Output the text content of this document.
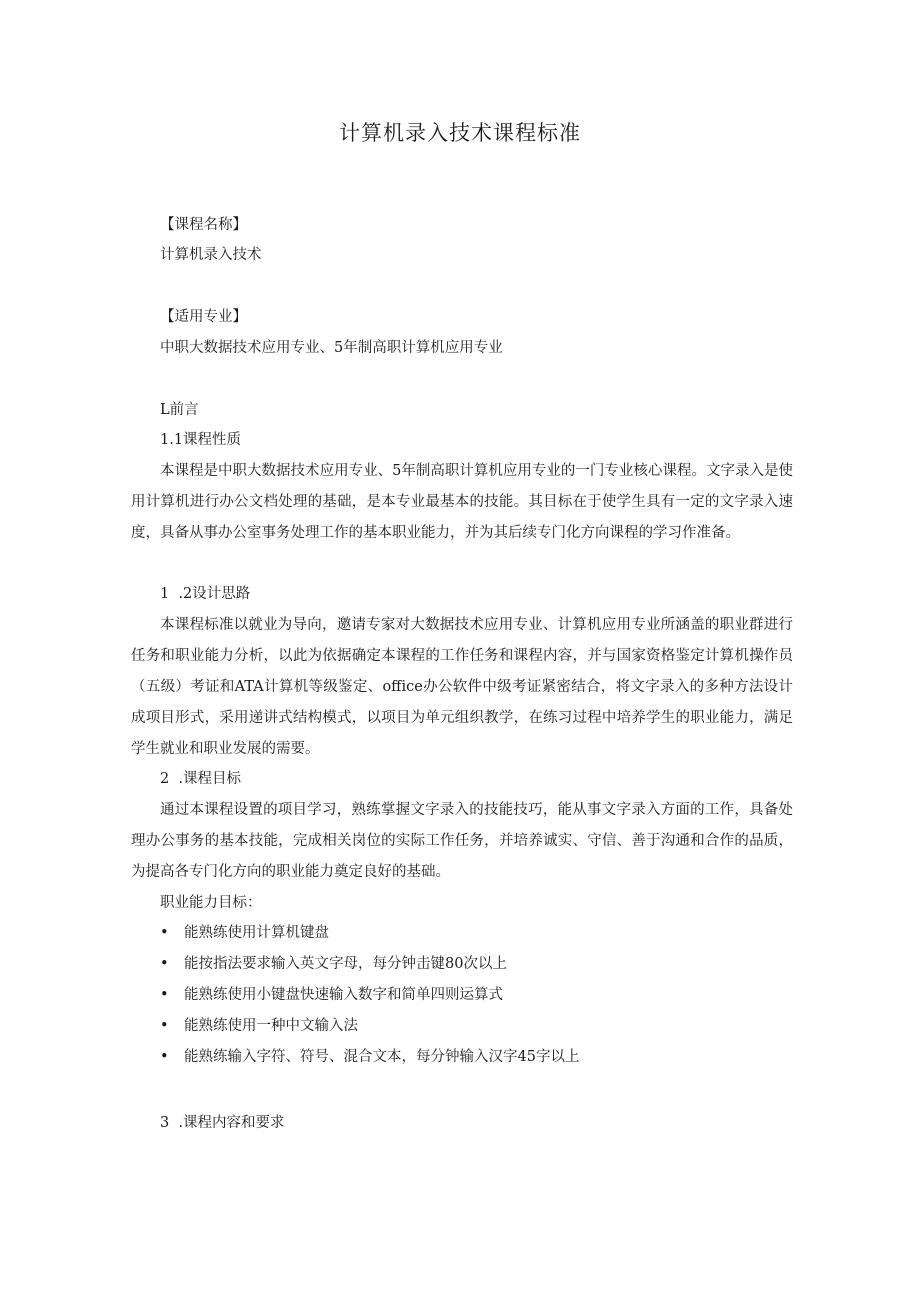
计算机录入技术课程标准
【课程名称】
计算机录入技术
【适用专业】
中职大数据技术应用专业、5年制高职计算机应用专业
L前言
1.1课程性质
本课程是中职大数据技术应用专业、5年制高职计算机应用专业的一门专业核心课程。文字录入是使用计算机进行办公文档处理的基础，是本专业最基本的技能。其目标在于使学生具有一定的文字录入速度，具备从事办公室事务处理工作的基本职业能力，并为其后续专门化方向课程的学习作准备。
1  .2设计思路
本课程标准以就业为导向，邀请专家对大数据技术应用专业、计算机应用专业所涵盖的职业群进行任务和职业能力分析，以此为依据确定本课程的工作任务和课程内容，并与国家资格鉴定计算机操作员（五级）考证和ATA计算机等级鉴定、office办公软件中级考证紧密结合，将文字录入的多种方法设计成项目形式，采用递讲式结构模式，以项目为单元组织教学，在练习过程中培养学生的职业能力，满足学生就业和职业发展的需要。
2  .课程目标
通过本课程设置的项目学习，熟练掌握文字录入的技能技巧，能从事文字录入方面的工作，具备处理办公事务的基本技能，完成相关岗位的实际工作任务，并培养诚实、守信、善于沟通和合作的品质，为提高各专门化方向的职业能力奠定良好的基础。
职业能力目标：
• 能熟练使用计算机键盘
• 能按指法要求输入英文字母，每分钟击键80次以上
• 能熟练使用小键盘快速输入数字和简单四则运算式
• 能熟练使用一种中文输入法
• 能熟练输入字符、符号、混合文本，每分钟输入汉字45字以上
3  .课程内容和要求
